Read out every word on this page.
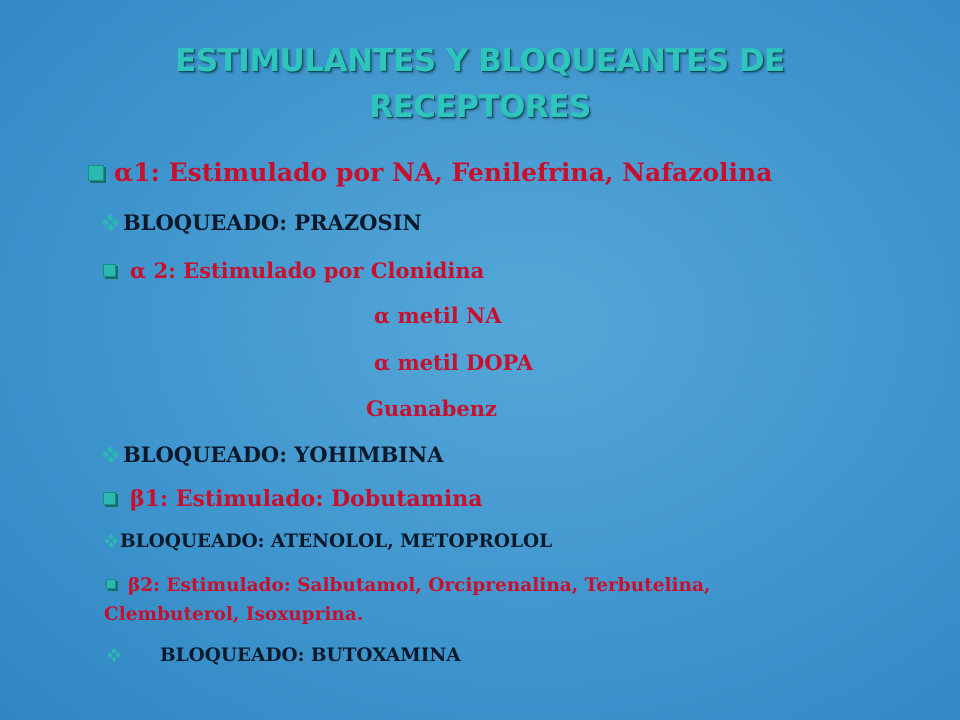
ESTIMULANTES Y BLOQUEANTES DE
RECEPTORES
α1: Estimulado por NA, Fenilefrina, Nafazolina
BLOQUEADO: PRAZOSIN
α 2: Estimulado por Clonidina
α metil NA
α metil DOPA
Guanabenz
BLOQUEADO: YOHIMBINA
β1: Estimulado: Dobutamina
BLOQUEADO: ATENOLOL, METOPROLOL
β2: Estimulado: Salbutamol, Orciprenalina, Terbutelina,
Clembuterol, Isoxuprina.
BLOQUEADO: BUTOXAMINA
